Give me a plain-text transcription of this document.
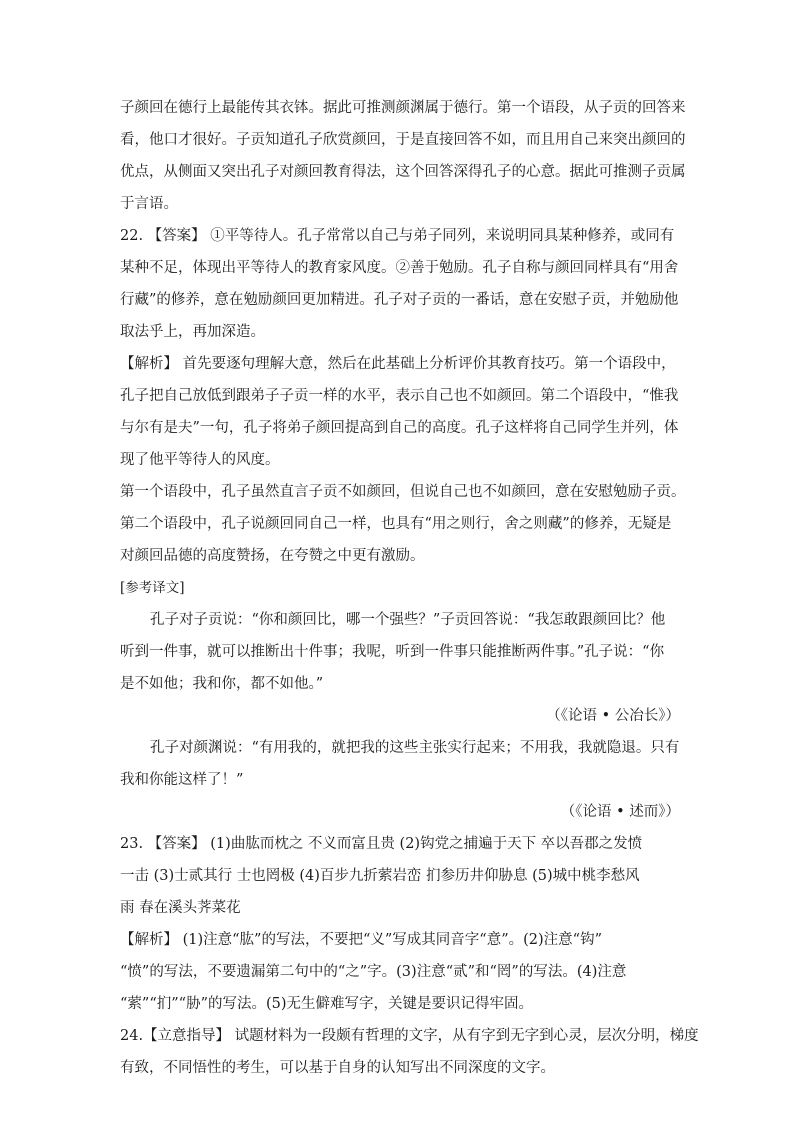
子颜回在德行上最能传其衣钵。据此可推测颜渊属于德行。第一个语段，从子贡的回答来
看，他口才很好。子贡知道孔子欣赏颜回，于是直接回答不如，而且用自己来突出颜回的
优点，从侧面又突出孔子对颜回教育得法，这个回答深得孔子的心意。据此可推测子贡属
于言语。
22. 【答案】 ①平等待人。孔子常常以自己与弟子同列，来说明同具某种修养，或同有
某种不足，体现出平等待人的教育家风度。②善于勉励。孔子自称与颜回同样具有“用舍
行藏”的修养，意在勉励颜回更加精进。孔子对子贡的一番话，意在安慰子贡，并勉励他
取法乎上，再加深造。
【解析】 首先要逐句理解大意，然后在此基础上分析评价其教育技巧。第一个语段中，
孔子把自己放低到跟弟子子贡一样的水平，表示自己也不如颜回。第二个语段中，“惟我
与尔有是夫”一句，孔子将弟子颜回提高到自己的高度。孔子这样将自己同学生并列，体
现了他平等待人的风度。
第一个语段中，孔子虽然直言子贡不如颜回，但说自己也不如颜回，意在安慰勉励子贡。
第二个语段中，孔子说颜回同自己一样，也具有“用之则行，舍之则藏”的修养，无疑是
对颜回品德的高度赞扬，在夸赞之中更有激励。
[参考译文]
孔子对子贡说：“你和颜回比，哪一个强些？”子贡回答说：“我怎敢跟颜回比？他
听到一件事，就可以推断出十件事；我呢，听到一件事只能推断两件事。”孔子说：“你
是不如他；我和你，都不如他。”
（《论语 • 公冶长》）
孔子对颜渊说：“有用我的，就把我的这些主张实行起来；不用我，我就隐退。只有
我和你能这样了！”
（《论语 • 述而》）
23. 【答案】 (1)曲肱而枕之 不义而富且贵 (2)钩党之捕遍于天下 卒以吾郡之发愤
一击 (3)士贰其行 士也罔极 (4)百步九折萦岩峦 扪参历井仰胁息 (5)城中桃李愁风
雨 春在溪头荠菜花
【解析】 (1)注意“肱”的写法，不要把“义”写成其同音字“意”。(2)注意“钩”
“愤”的写法，不要遗漏第二句中的“之”字。(3)注意“贰”和“罔”的写法。(4)注意
“萦”“扪”“胁”的写法。(5)无生僻难写字，关键是要识记得牢固。
24.【立意指导】 试题材料为一段颇有哲理的文字，从有字到无字到心灵，层次分明，梯度
有致，不同悟性的考生，可以基于自身的认知写出不同深度的文字。
